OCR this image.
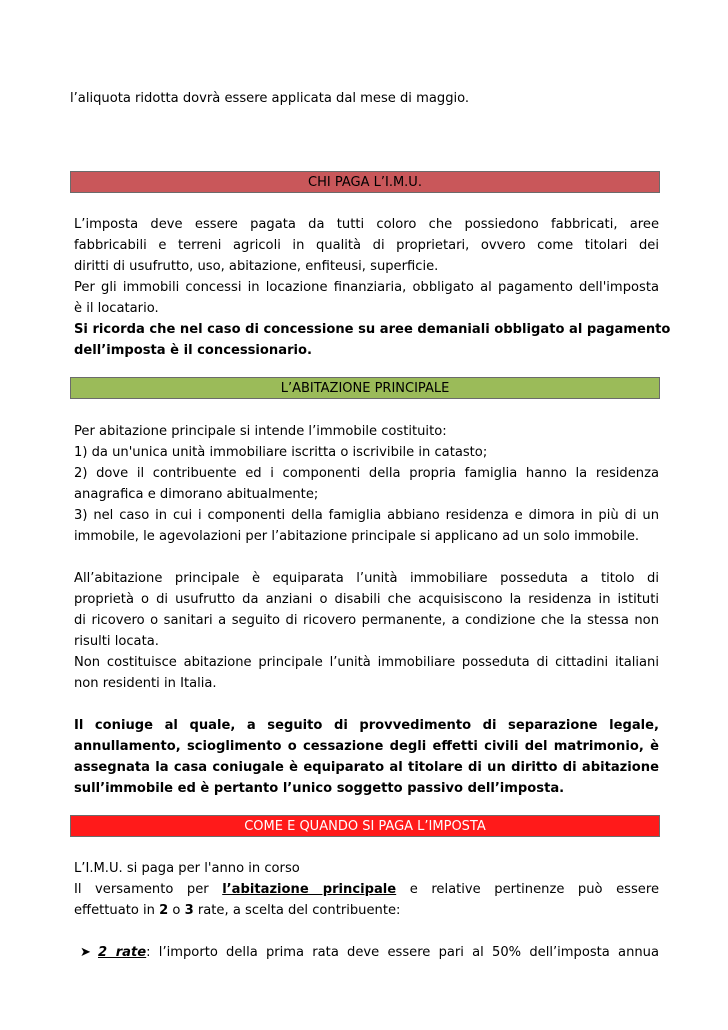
l’aliquota ridotta dovrà essere applicata dal mese di maggio.
CHI PAGA L’I.M.U.
L’imposta deve essere pagata da tutti coloro che possiedono fabbricati, aree
fabbricabili e terreni agricoli in qualità di proprietari, ovvero come titolari dei
diritti di usufrutto, uso, abitazione, enfiteusi, superficie.
Per gli immobili concessi in locazione finanziaria, obbligato al pagamento dell'imposta
è il locatario.
Si ricorda che nel caso di concessione su aree demaniali obbligato al pagamento
dell’imposta è il concessionario.
L’ABITAZIONE PRINCIPALE
Per abitazione principale si intende l’immobile costituito:
1) da un'unica unità immobiliare iscritta o iscrivibile in catasto;
2) dove il contribuente ed i componenti della propria famiglia hanno la residenza
anagrafica e dimorano abitualmente;
3) nel caso in cui i componenti della famiglia abbiano residenza e dimora in più di un
immobile, le agevolazioni per l’abitazione principale si applicano ad un solo immobile.
All’abitazione principale è equiparata l’unità immobiliare posseduta a titolo di
proprietà o di usufrutto da anziani o disabili che acquisiscono la residenza in istituti
di ricovero o sanitari a seguito di ricovero permanente, a condizione che la stessa non
risulti locata.
Non costituisce abitazione principale l’unità immobiliare posseduta di cittadini italiani
non residenti in Italia.
Il coniuge al quale, a seguito di provvedimento di separazione legale,
annullamento, scioglimento o cessazione degli effetti civili del matrimonio, è
assegnata la casa coniugale è equiparato al titolare di un diritto di abitazione
sull’immobile ed è pertanto l’unico soggetto passivo dell’imposta.
COME E QUANDO SI PAGA L’IMPOSTA
L’I.M.U. si paga per l'anno in corso
Il versamento per l’abitazione principale e relative pertinenze può essere
effettuato in 2 o 3 rate, a scelta del contribuente:
➤ 2 rate: l’importo della prima rata deve essere pari al 50% dell’imposta annua
